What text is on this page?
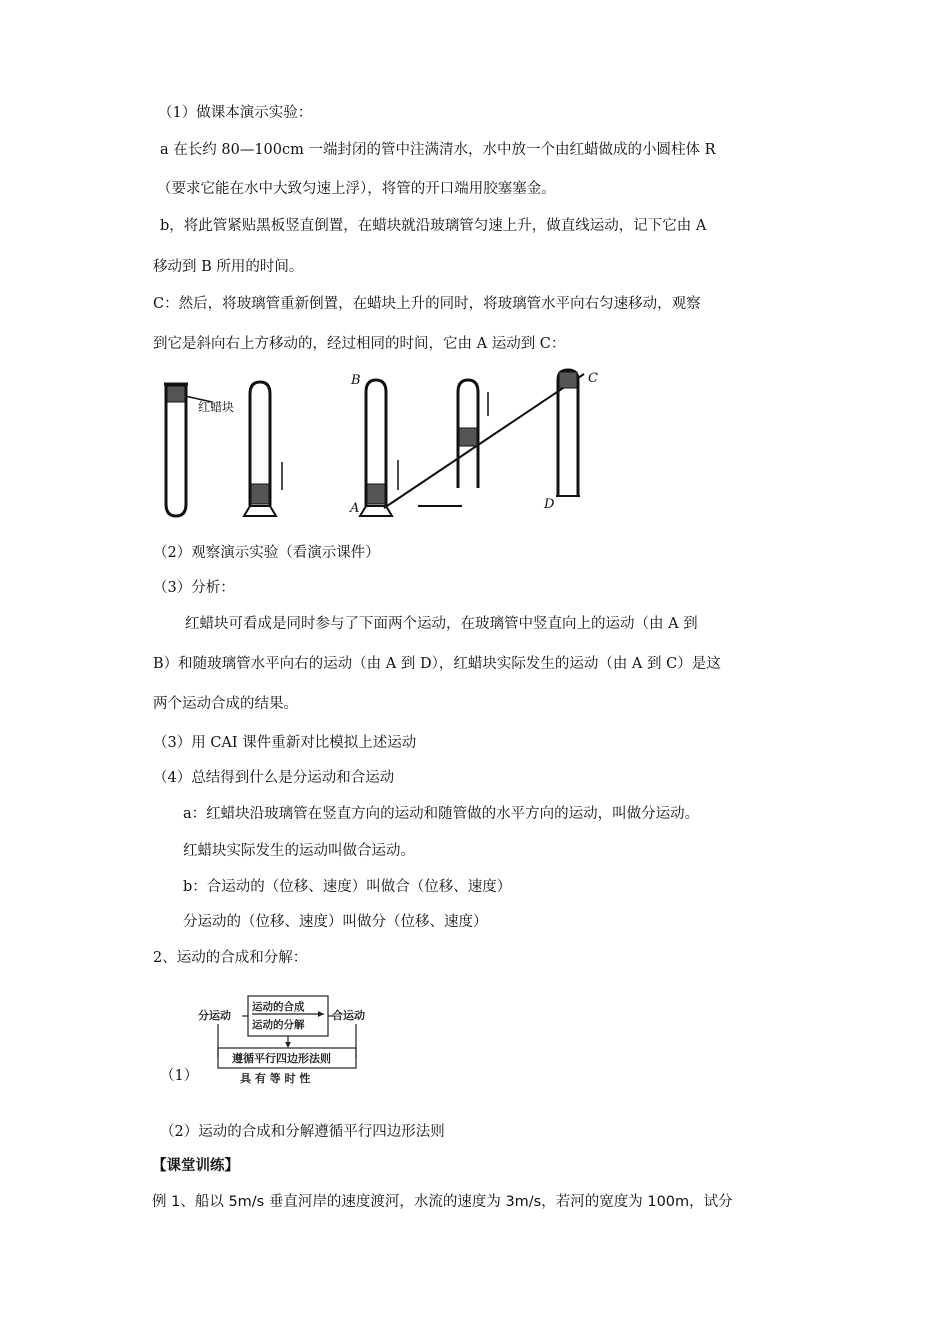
（1）做课本演示实验：
a 在长约 80—100cm 一端封闭的管中注满清水，水中放一个由红蜡做成的小圆柱体 R
（要求它能在水中大致匀速上浮），将管的开口端用胶塞塞金。
b，将此管紧贴黑板竖直倒置，在蜡块就沿玻璃管匀速上升，做直线运动，记下它由 A
移动到 B 所用的时间。
C：然后，将玻璃管重新倒置，在蜡块上升的同时，将玻璃管水平向右匀速移动，观察
到它是斜向右上方移动的，经过相同的时间，它由 A 运动到 C：
红蜡块
B
A
C
D
（2）观察演示实验（看演示课件）
（3）分析：
红蜡块可看成是同时参与了下面两个运动，在玻璃管中竖直向上的运动（由 A 到
B）和随玻璃管水平向右的运动（由 A 到 D），红蜡块实际发生的运动（由 A 到 C）是这
两个运动合成的结果。
（3）用 CAI 课件重新对比模拟上述运动
（4）总结得到什么是分运动和合运动
a：红蜡块沿玻璃管在竖直方向的运动和随管做的水平方向的运动，叫做分运动。
红蜡块实际发生的运动叫做合运动。
b：合运动的（位移、速度）叫做合（位移、速度）
分运动的（位移、速度）叫做分（位移、速度）
2、运动的合成和分解：
分运动	合运动
运动的合成
运动的分解
遵循平行四边形法则
具 有 等 时 性
（1）
（2）运动的合成和分解遵循平行四边形法则
【课堂训练】
例 1、船以 5m/s 垂直河岸的速度渡河，水流的速度为 3m/s，若河的宽度为 100m，试分
